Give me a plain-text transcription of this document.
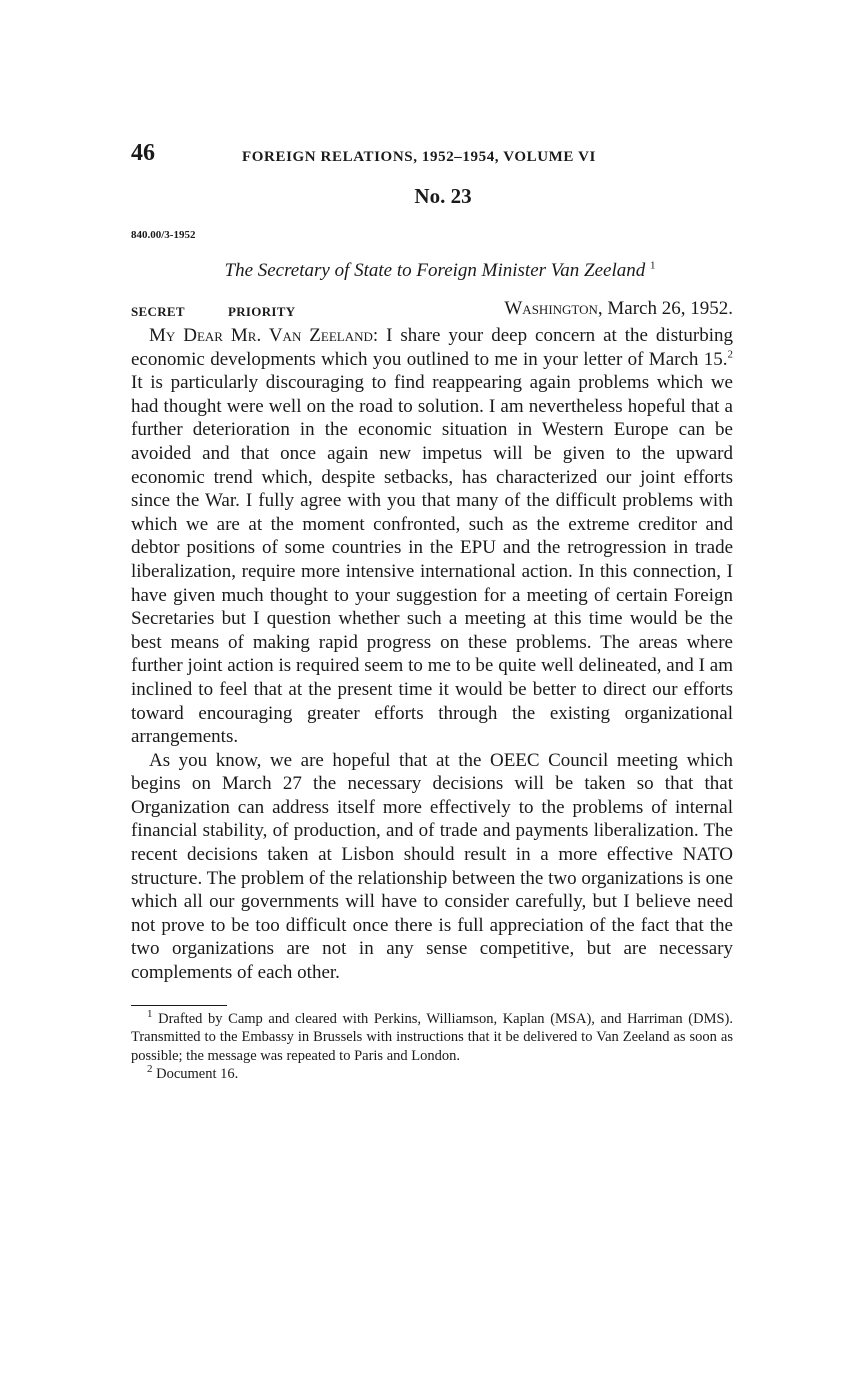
46	FOREIGN RELATIONS, 1952–1954, VOLUME VI
No. 23
840.00/3-1952
The Secretary of State to Foreign Minister Van Zeeland $^1$
SECRET	PRIORITY	Washington, March 26, 1952.

My Dear Mr. Van Zeeland: I share your deep concern at the disturbing economic developments which you outlined to me in your letter of March 15.$^2$ It is particularly discouraging to find reappearing again problems which we had thought were well on the road to solution. I am nevertheless hopeful that a further deterioration in the economic situation in Western Europe can be avoided and that once again new impetus will be given to the upward economic trend which, despite setbacks, has characterized our joint efforts since the War. I fully agree with you that many of the difficult problems with which we are at the moment confronted, such as the extreme creditor and debtor positions of some countries in the EPU and the retrogression in trade liberalization, require more intensive international action. In this connection, I have given much thought to your suggestion for a meeting of certain Foreign Secretaries but I question whether such a meeting at this time would be the best means of making rapid progress on these problems. The areas where further joint action is required seem to me to be quite well delineated, and I am inclined to feel that at the present time it would be better to direct our efforts toward encouraging greater efforts through the existing organizational arrangements.

As you know, we are hopeful that at the OEEC Council meeting which begins on March 27 the necessary decisions will be taken so that that Organization can address itself more effectively to the problems of internal financial stability, of production, and of trade and payments liberalization. The recent decisions taken at Lisbon should result in a more effective NATO structure. The problem of the relationship between the two organizations is one which all our governments will have to consider carefully, but I believe need not prove to be too difficult once there is full appreciation of the fact that the two organizations are not in any sense competitive, but are necessary complements of each other.

$^1$ Drafted by Camp and cleared with Perkins, Williamson, Kaplan (MSA), and Harriman (DMS). Transmitted to the Embassy in Brussels with instructions that it be delivered to Van Zeeland as soon as possible; the message was repeated to Paris and London.

$^2$ Document 16.
